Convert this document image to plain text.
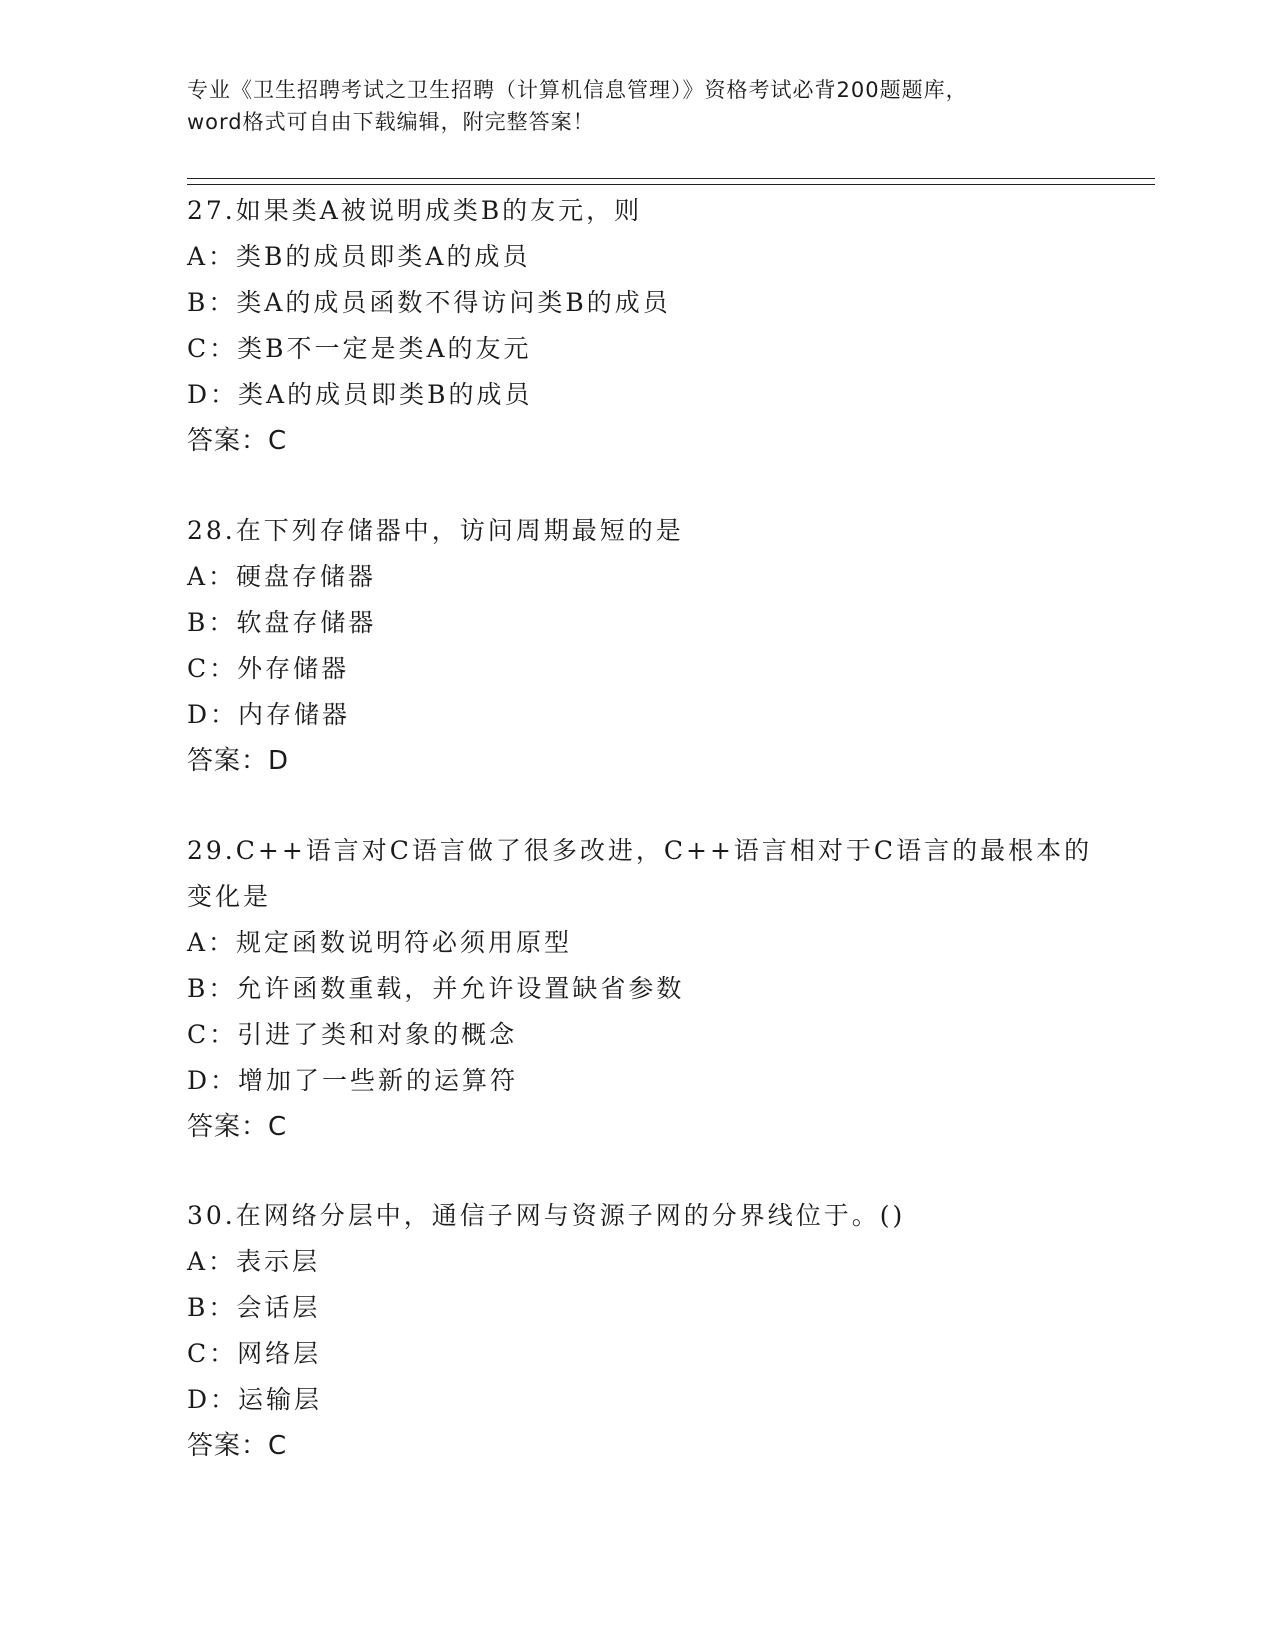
专业《卫生招聘考试之卫生招聘（计算机信息管理）》资格考试必背200题题库，
word格式可自由下载编辑，附完整答案！
27.如果类A被说明成类B的友元，则
A：类B的成员即类A的成员
B：类A的成员函数不得访问类B的成员
C：类B不一定是类A的友元
D：类A的成员即类B的成员
答案：C
28.在下列存储器中，访问周期最短的是
A：硬盘存储器
B：软盘存储器
C：外存储器
D：内存储器
答案：D
29.C++语言对C语言做了很多改进，C++语言相对于C语言的最根本的
变化是
A：规定函数说明符必须用原型
B：允许函数重载，并允许设置缺省参数
C：引进了类和对象的概念
D：增加了一些新的运算符
答案：C
30.在网络分层中，通信子网与资源子网的分界线位于。()
A：表示层
B：会话层
C：网络层
D：运输层
答案：C
